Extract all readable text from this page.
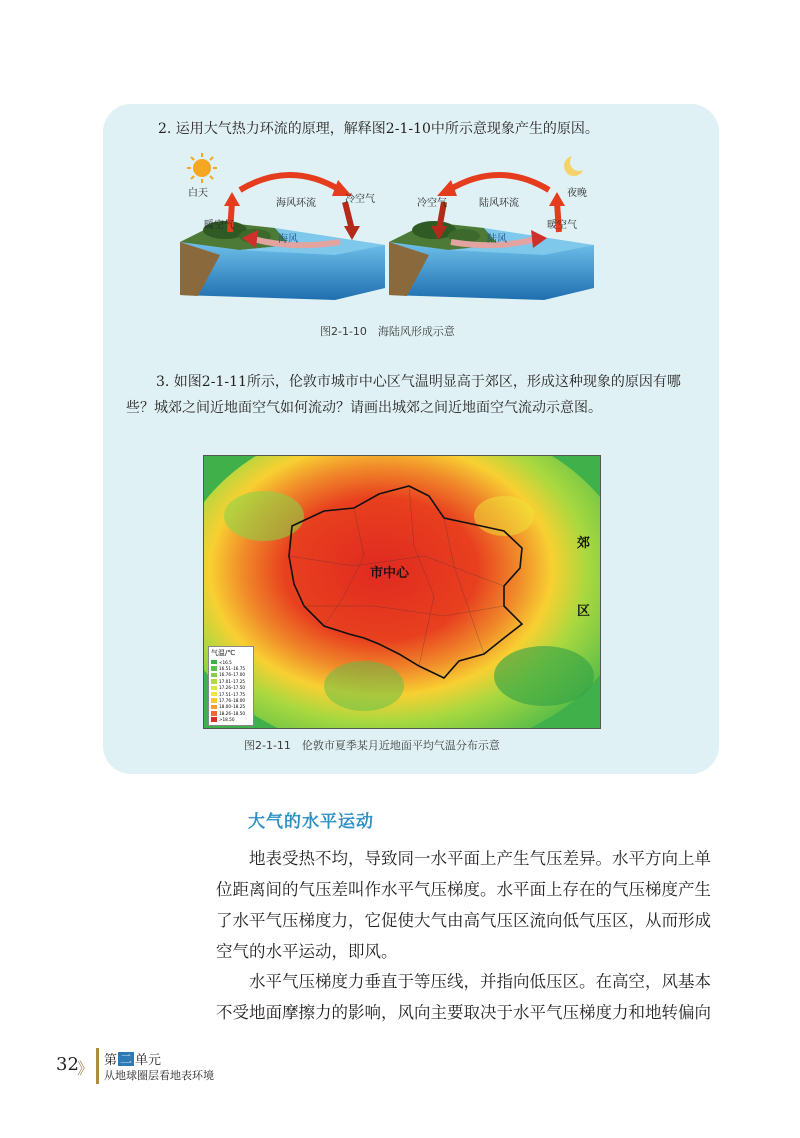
2. 运用大气热力环流的原理，解释图2-1-10中所示意现象产生的原因。

白天
海风环流	冷空气
暖空气
海风
夜晚
陆风环流
冷空气
暖空气
陆风

图2-1-10　海陆风形成示意

3. 如图2-1-11所示，伦敦市城市中心区气温明显高于郊区，形成这种现象的原因有哪些？城郊之间近地面空气如何流动？请画出城郊之间近地面空气流动示意图。

市中心
郊
区
气温/℃
<16.5
16.51–16.75
16.76–17.00
17.01–17.25
17.26–17.50
17.51–17.75
17.76–18.00
18.00–18.25
18.26–18.50
>18.50

图2-1-11　伦敦市夏季某月近地面平均气温分布示意

大气的水平运动

地表受热不均，导致同一水平面上产生气压差异。水平方向上单位距离间的气压差叫作水平气压梯度。水平面上存在的气压梯度产生了水平气压梯度力，它促使大气由高气压区流向低气压区，从而形成空气的水平运动，即风。

水平气压梯度力垂直于等压线，并指向低压区。在高空，风基本不受地面摩擦力的影响，风向主要取决于水平气压梯度力和地转偏向

32
》 第 二 单元
从地球圈层看地表环境
